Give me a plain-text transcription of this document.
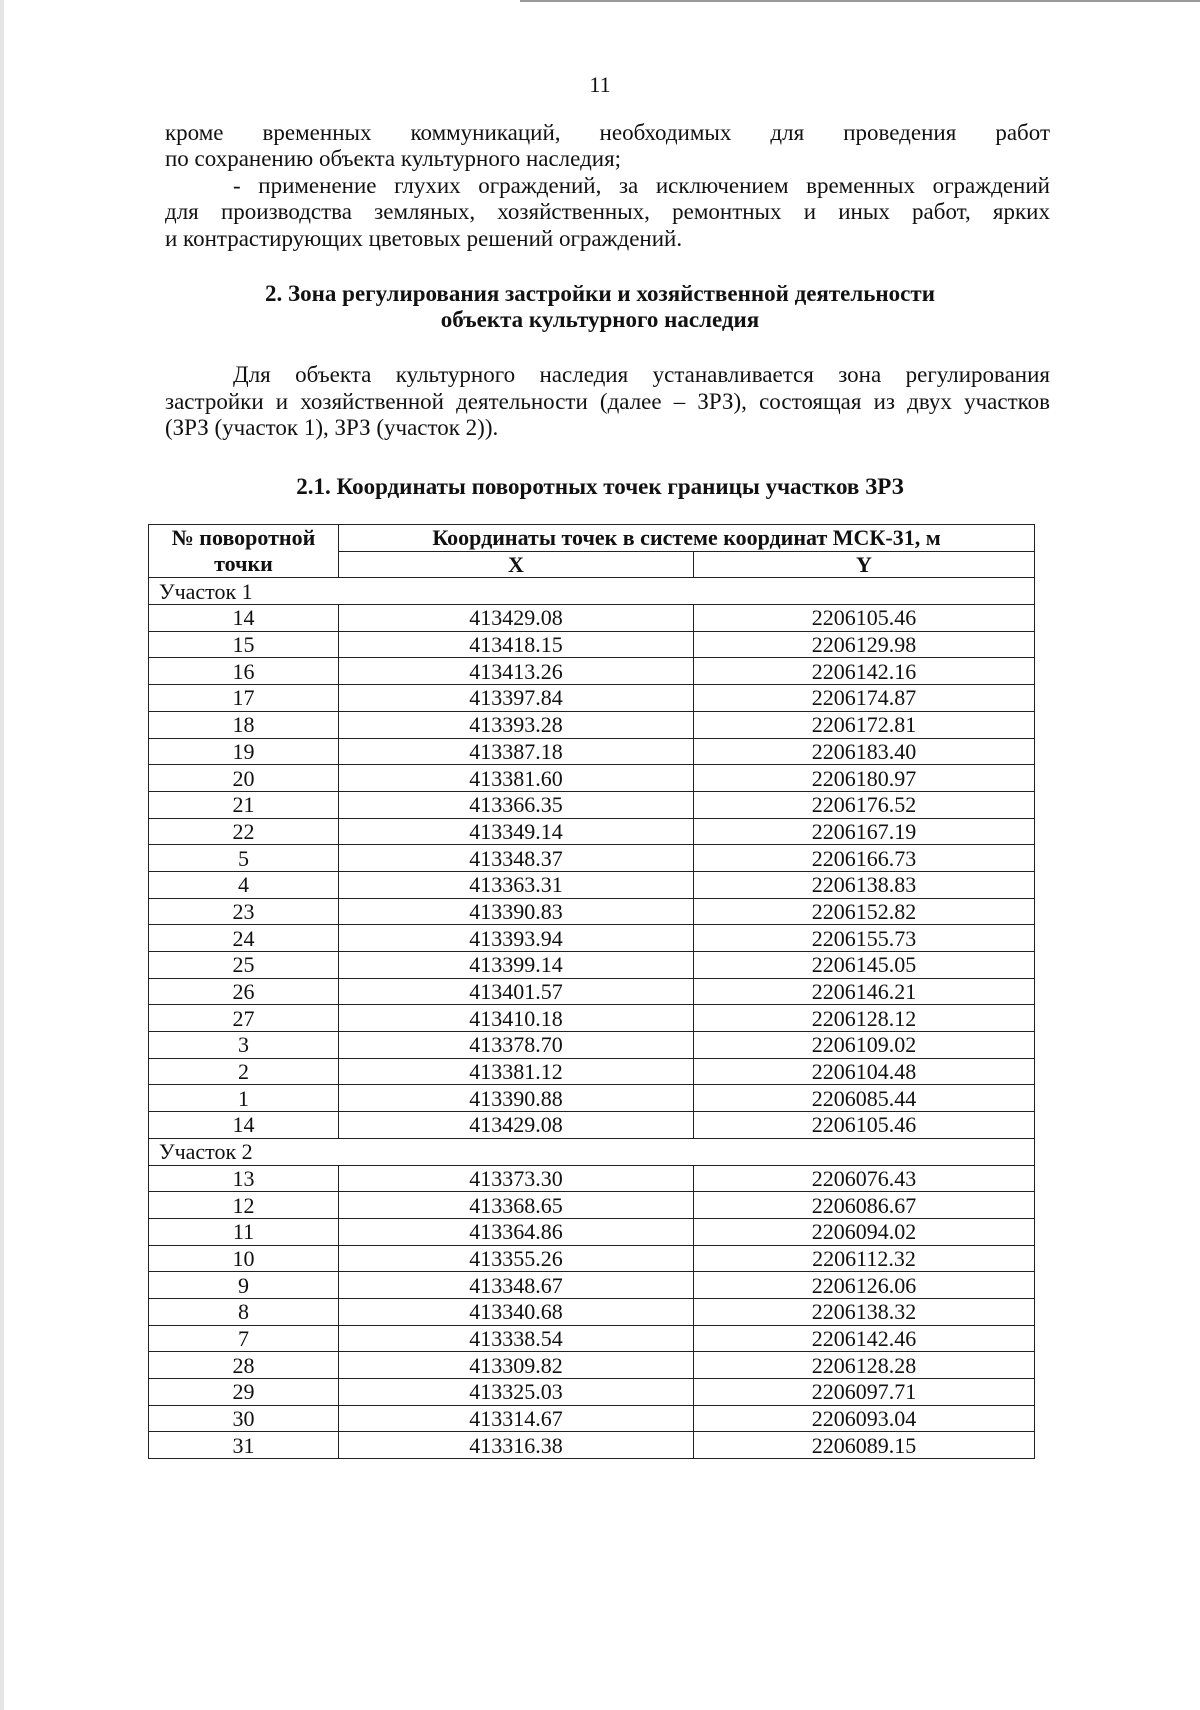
11
кроме временных коммуникаций, необходимых для проведения работ
по сохранению объекта культурного наследия;
- применение глухих ограждений, за исключением временных ограждений
для производства земляных, хозяйственных, ремонтных и иных работ, ярких
и контрастирующих цветовых решений ограждений.
2. Зона регулирования застройки и хозяйственной деятельности
объекта культурного наследия
Для объекта культурного наследия устанавливается зона регулирования
застройки и хозяйственной деятельности (далее – ЗРЗ), состоящая из двух участков
(ЗРЗ (участок 1), ЗРЗ (участок 2)).
2.1. Координаты поворотных точек границы участков ЗРЗ
№ поворотной точки	Координаты точек в системе координат МСК-31, м	
	X	Y
Участок 1		
14	413429.08	2206105.46
15	413418.15	2206129.98
16	413413.26	2206142.16
17	413397.84	2206174.87
18	413393.28	2206172.81
19	413387.18	2206183.40
20	413381.60	2206180.97
21	413366.35	2206176.52
22	413349.14	2206167.19
5	413348.37	2206166.73
4	413363.31	2206138.83
23	413390.83	2206152.82
24	413393.94	2206155.73
25	413399.14	2206145.05
26	413401.57	2206146.21
27	413410.18	2206128.12
3	413378.70	2206109.02
2	413381.12	2206104.48
1	413390.88	2206085.44
14	413429.08	2206105.46
Участок 2		
13	413373.30	2206076.43
12	413368.65	2206086.67
11	413364.86	2206094.02
10	413355.26	2206112.32
9	413348.67	2206126.06
8	413340.68	2206138.32
7	413338.54	2206142.46
28	413309.82	2206128.28
29	413325.03	2206097.71
30	413314.67	2206093.04
31	413316.38	2206089.15
